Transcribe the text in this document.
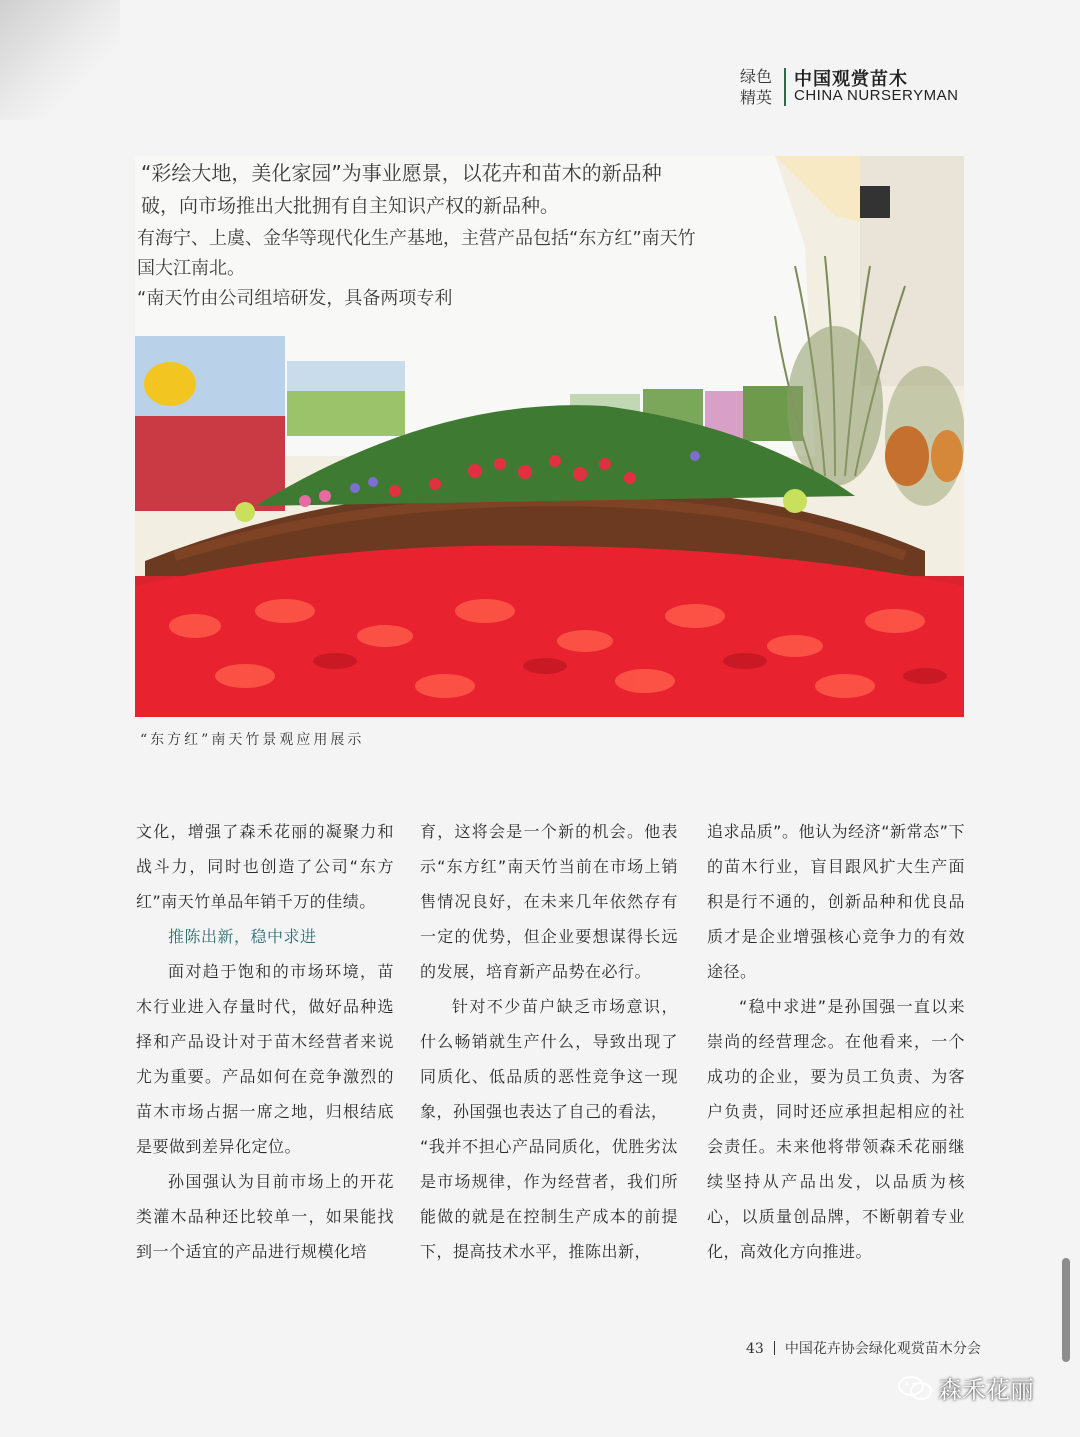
绿色
精英
中国观赏苗木
CHINA NURSERYMAN
“彩绘大地，美化家园”为事业愿景，以花卉和苗木的新品种
破，向市场推出大批拥有自主知识产权的新品种。
有海宁、上虞、金华等现代化生产基地，主营产品包括“东方红”南天竹
国大江南北。
“南天竹由公司组培研发，具备两项专利
“东方红”南天竹景观应用展示

文化，增强了森禾花丽的凝聚力和战斗力，同时也创造了公司“东方红”南天竹单品年销千万的佳绩。

推陈出新，稳中求进

面对趋于饱和的市场环境，苗木行业进入存量时代，做好品种选择和产品设计对于苗木经营者来说尤为重要。产品如何在竞争激烈的苗木市场占据一席之地，归根结底是要做到差异化定位。

孙国强认为目前市场上的开花类灌木品种还比较单一，如果能找到一个适宜的产品进行规模化培

育，这将会是一个新的机会。他表示“东方红”南天竹当前在市场上销售情况良好，在未来几年依然存有一定的优势，但企业要想谋得长远的发展，培育新产品势在必行。

针对不少苗户缺乏市场意识，什么畅销就生产什么，导致出现了同质化、低品质的恶性竞争这一现象，孙国强也表达了自己的看法，

“我并不担心产品同质化，优胜劣汰是市场规律，作为经营者，我们所能做的就是在控制生产成本的前提下，提高技术水平，推陈出新，

追求品质”。他认为经济“新常态”下的苗木行业，盲目跟风扩大生产面积是行不通的，创新品种和优良品质才是企业增强核心竞争力的有效途径。

“稳中求进”是孙国强一直以来崇尚的经营理念。在他看来，一个成功的企业，要为员工负责、为客户负责，同时还应承担起相应的社会责任。未来他将带领森禾花丽继续坚持从产品出发，以品质为核心，以质量创品牌，不断朝着专业化，高效化方向推进。

43 中国花卉协会绿化观赏苗木分会
森禾花丽
